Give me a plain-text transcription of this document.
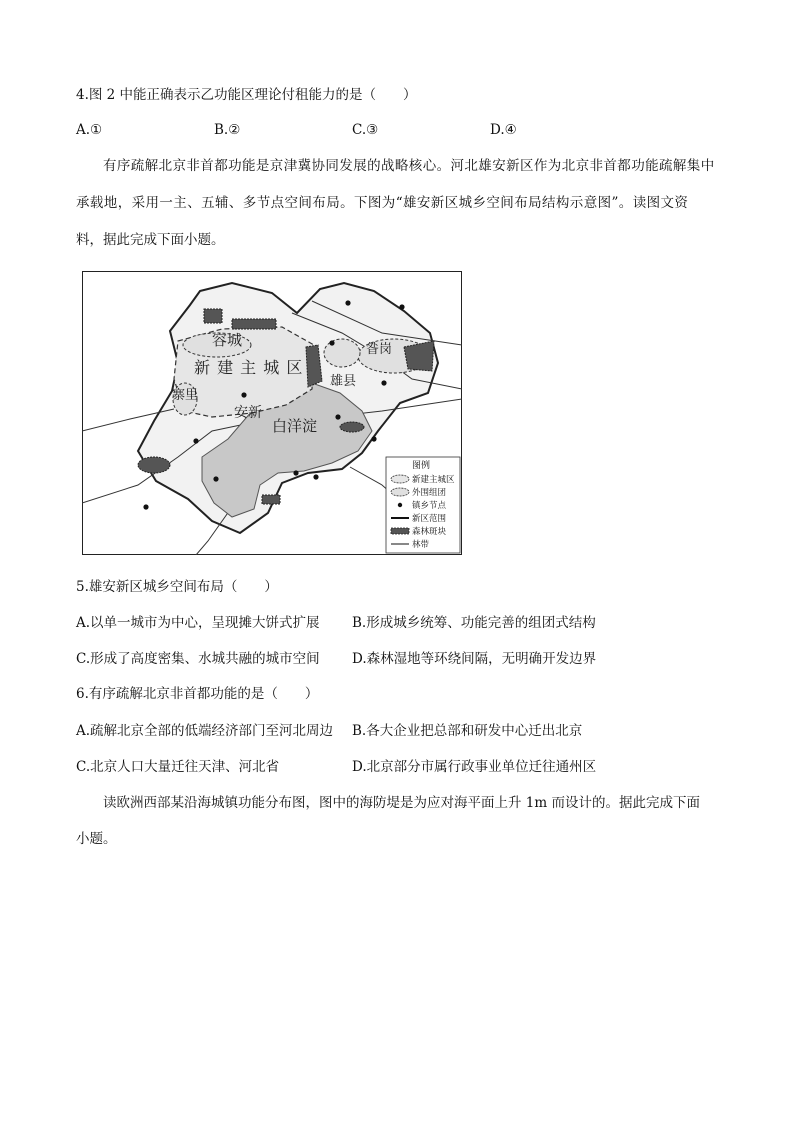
4.图 2 中能正确表示乙功能区理论付租能力的是（　　）
A.①	B.②	C.③	D.④
有序疏解北京非首都功能是京津冀协同发展的战略核心。河北雄安新区作为北京非首都功能疏解集中
承载地，采用一主、五辅、多节点空间布局。下图为“雄安新区城乡空间布局结构示意图”。读图文资
料，据此完成下面小题。
容城
新 建 主 城 区
寨里
安新
白洋淀
昝岗
雄县
图例
新建主城区
外围组团
镇乡节点
新区范围
森林斑块
林带
5.雄安新区城乡空间布局（　　）
A.以单一城市为中心，呈现摊大饼式扩展 B.形成城乡统筹、功能完善的组团式结构
C.形成了高度密集、水城共融的城市空间 D.森林湿地等环绕间隔，无明确开发边界
6.有序疏解北京非首都功能的是（　　）
A.疏解北京全部的低端经济部门至河北周边 B.各大企业把总部和研发中心迁出北京
C.北京人口大量迁往天津、河北省	D.北京部分市属行政事业单位迁往通州区
读欧洲西部某沿海城镇功能分布图，图中的海防堤是为应对海平面上升 1m 而设计的。据此完成下面
小题。
